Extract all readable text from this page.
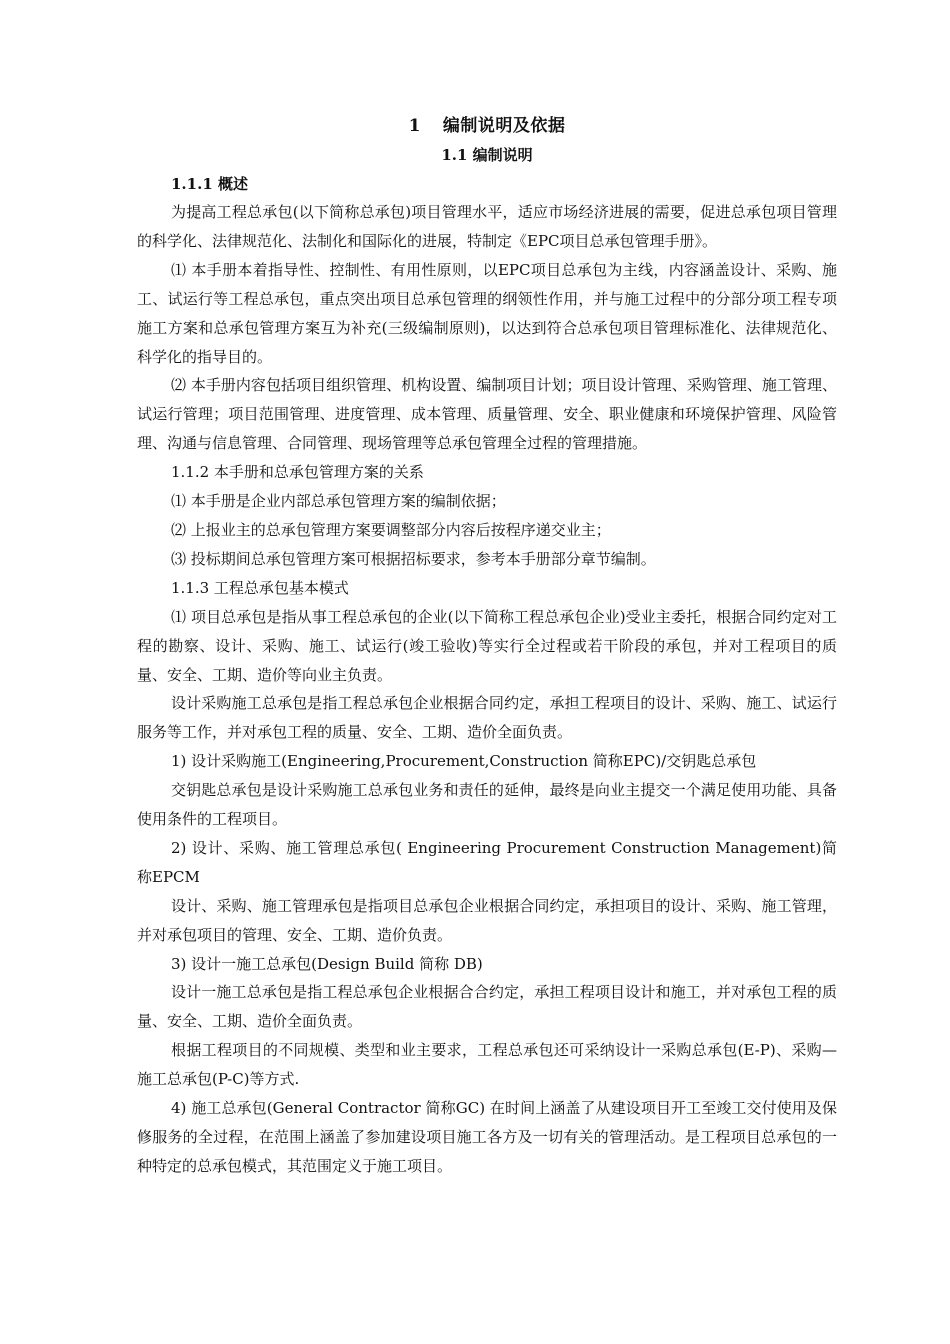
1 编制说明及依据

1.1 编制说明

1.1.1 概述

为提高工程总承包(以下简称总承包)项目管理水平，适应市场经济进展的需要，促进总承包项目管理的科学化、法律规范化、法制化和国际化的进展，特制定《EPC项目总承包管理手册》。

⑴ 本手册本着指导性、控制性、有用性原则，以EPC项目总承包为主线，内容涵盖设计、采购、施工、试运行等工程总承包，重点突出项目总承包管理的纲领性作用，并与施工过程中的分部分项工程专项施工方案和总承包管理方案互为补充(三级编制原则)，以达到符合总承包项目管理标准化、法律规范化、科学化的指导目的。

⑵ 本手册内容包括项目组织管理、机构设置、编制项目计划；项目设计管理、采购管理、施工管理、试运行管理；项目范围管理、进度管理、成本管理、质量管理、安全、职业健康和环境保护管理、风险管理、沟通与信息管理、合同管理、现场管理等总承包管理全过程的管理措施。

1.1.2 本手册和总承包管理方案的关系

⑴ 本手册是企业内部总承包管理方案的编制依据；

⑵ 上报业主的总承包管理方案要调整部分内容后按程序递交业主；

⑶ 投标期间总承包管理方案可根据招标要求，参考本手册部分章节编制。

1.1.3 工程总承包基本模式

⑴ 项目总承包是指从事工程总承包的企业(以下简称工程总承包企业)受业主委托，根据合同约定对工程的勘察、设计、采购、施工、试运行(竣工验收)等实行全过程或若干阶段的承包，并对工程项目的质量、安全、工期、造价等向业主负责。

设计采购施工总承包是指工程总承包企业根据合同约定，承担工程项目的设计、采购、施工、试运行服务等工作，并对承包工程的质量、安全、工期、造价全面负责。

1) 设计采购施工(Engineering,Procurement,Construction 简称EPC)/交钥匙总承包

交钥匙总承包是设计采购施工总承包业务和责任的延伸，最终是向业主提交一个满足使用功能、具备使用条件的工程项目。

2) 设计、采购、施工管理总承包( Engineering Procurement Construction Management)简称EPCM

设计、采购、施工管理承包是指项目总承包企业根据合同约定，承担项目的设计、采购、施工管理，并对承包项目的管理、安全、工期、造价负责。

3) 设计一施工总承包(Design Build 简称 DB)

设计一施工总承包是指工程总承包企业根据合合约定，承担工程项目设计和施工，并对承包工程的质量、安全、工期、造价全面负责。

根据工程项目的不同规模、类型和业主要求，工程总承包还可采纳设计一采购总承包(E-P)、采购—施工总承包(P-C)等方式.

4) 施工总承包(General Contractor 简称GC) 在时间上涵盖了从建设项目开工至竣工交付使用及保修服务的全过程，在范围上涵盖了参加建设项目施工各方及一切有关的管理活动。是工程项目总承包的一种特定的总承包模式，其范围定义于施工项目。
